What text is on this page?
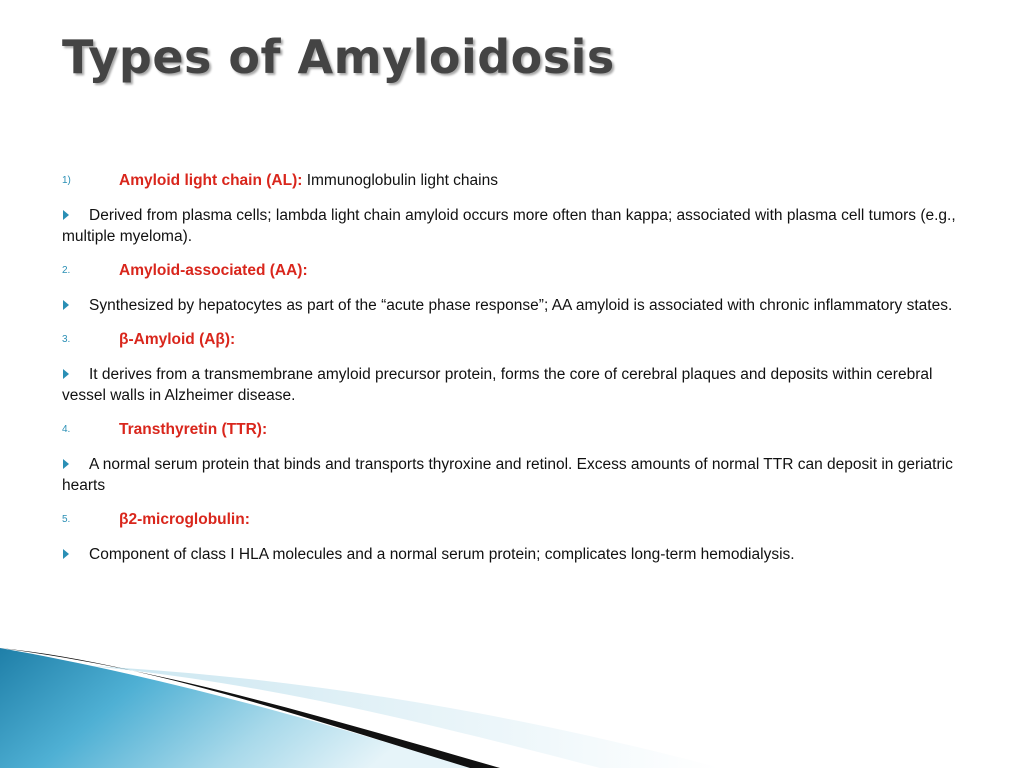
Types of Amyloidosis
1)	Amyloid light chain (AL): Immunoglobulin light chains
Derived from plasma cells; lambda light chain amyloid occurs more often than kappa; associated with plasma cell tumors (e.g., multiple myeloma).
2.	Amyloid-associated (AA):
Synthesized by hepatocytes as part of the “acute phase response”; AA amyloid is associated with chronic inflammatory states.
3.	β-Amyloid (Aβ):
It derives from a transmembrane amyloid precursor protein, forms the core of cerebral plaques and deposits within cerebral vessel walls in Alzheimer disease.
4.	Transthyretin (TTR):
A normal serum protein that binds and transports thyroxine and retinol. Excess amounts of normal TTR can deposit in geriatric hearts
5.	β2-microglobulin:
Component of class I HLA molecules and a normal serum protein; complicates long-term hemodialysis.
